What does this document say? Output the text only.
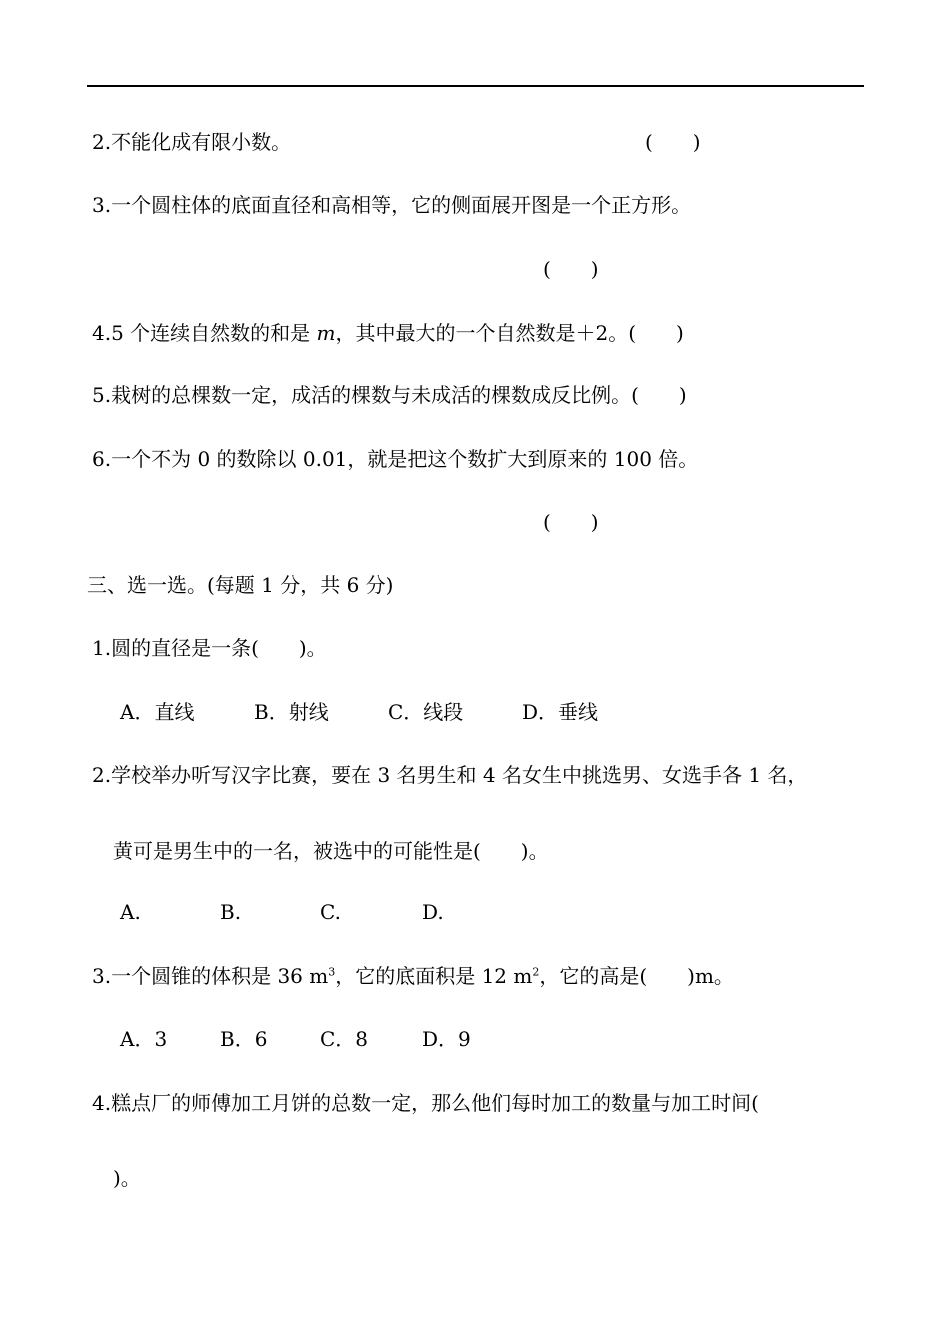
2.不能化成有限小数。	(　　)
3.一个圆柱体的底面直径和高相等，它的侧面展开图是一个正方形。
(　　)
4.5 个连续自然数的和是 m，其中最大的一个自然数是＋2。(　　)
5.栽树的总棵数一定，成活的棵数与未成活的棵数成反比例。(　　)
6.一个不为 0 的数除以 0.01，就是把这个数扩大到原来的 100 倍。
(　　)
三、选一选。(每题 1 分，共 6 分)
1.圆的直径是一条(　　)。
A．直线	B．射线	C．线段	D．垂线
2.学校举办听写汉字比赛，要在 3 名男生和 4 名女生中挑选男、女选手各 1 名，
黄可是男生中的一名，被选中的可能性是(　　)。
A.	B.	C.	D.
3.一个圆锥的体积是 36 $m^3$，它的底面积是 12 $m^2$，它的高是(　　)m。
A．3	B．6	C．8	D．9
4.糕点厂的师傅加工月饼的总数一定，那么他们每时加工的数量与加工时间(
)。
